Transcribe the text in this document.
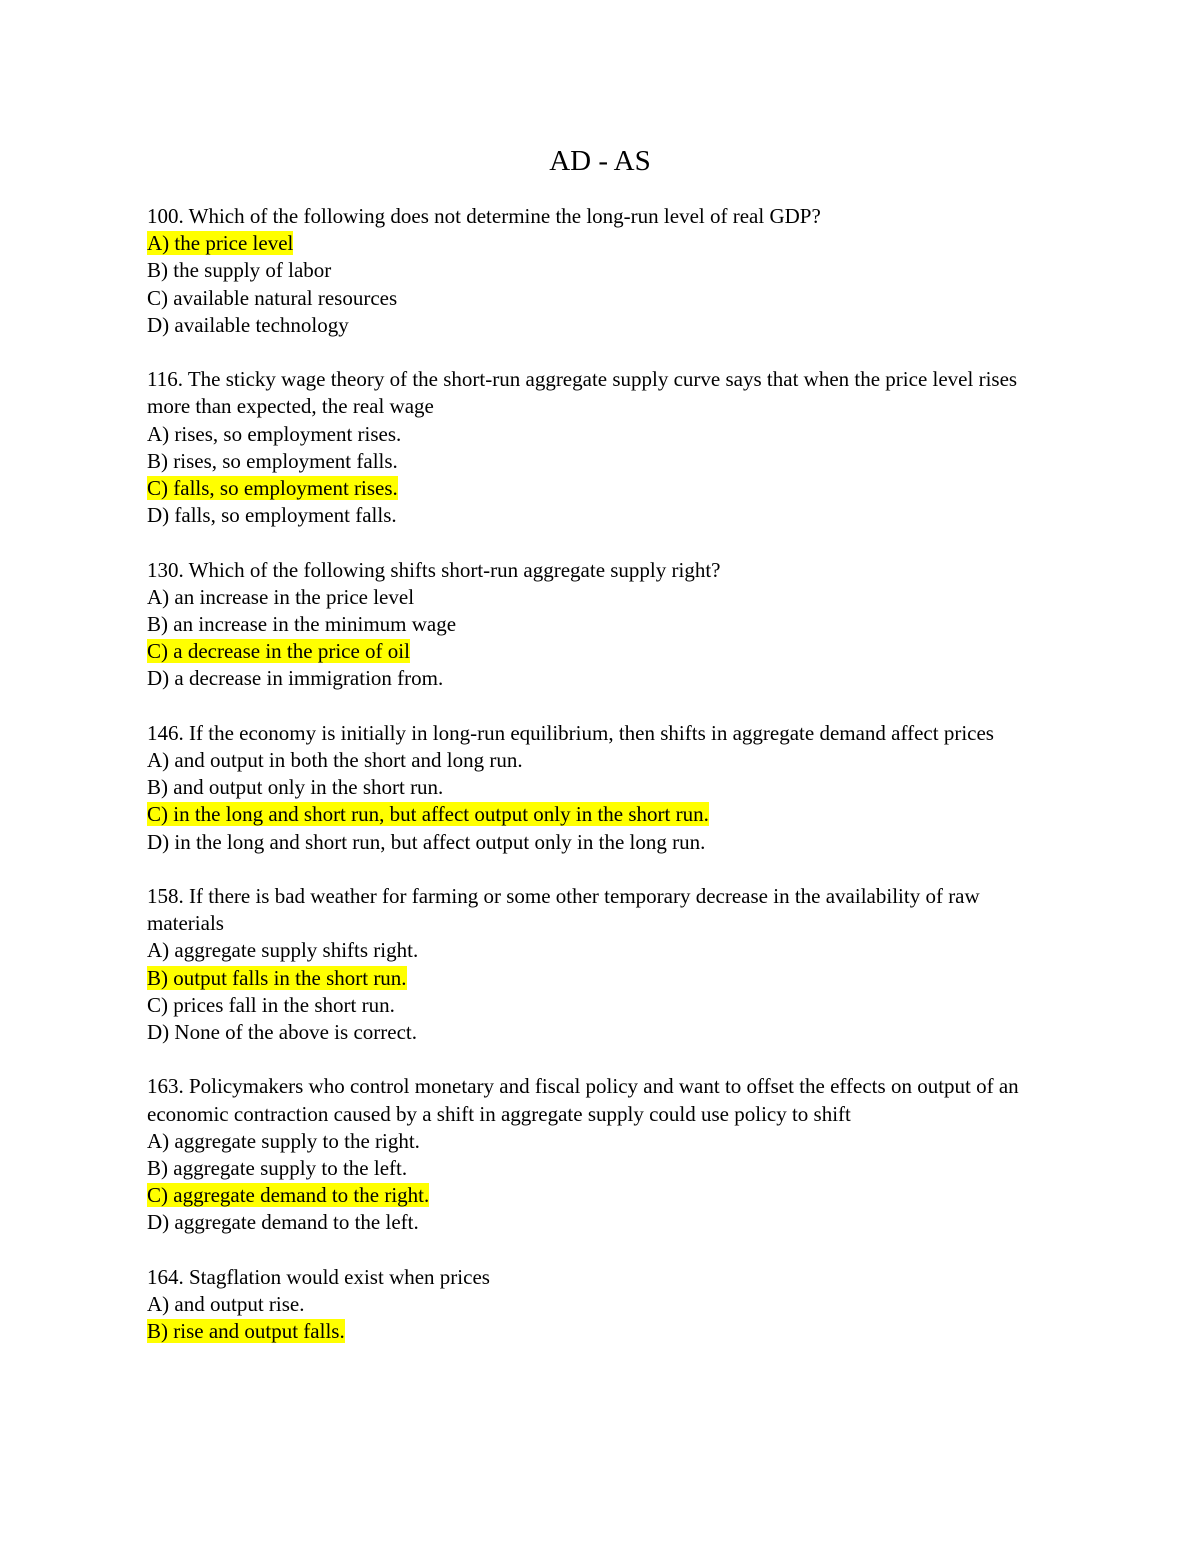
AD - AS
100. Which of the following does not determine the long-run level of real GDP?
A) the price level
B) the supply of labor
C) available natural resources
D) available technology
116. The sticky wage theory of the short-run aggregate supply curve says that when the price level rises more than expected, the real wage
A) rises, so employment rises.
B) rises, so employment falls.
C) falls, so employment rises.
D) falls, so employment falls.
130. Which of the following shifts short-run aggregate supply right?
A) an increase in the price level
B) an increase in the minimum wage
C) a decrease in the price of oil
D) a decrease in immigration from.
146. If the economy is initially in long-run equilibrium, then shifts in aggregate demand affect prices
A) and output in both the short and long run.
B) and output only in the short run.
C) in the long and short run, but affect output only in the short run.
D) in the long and short run, but affect output only in the long run.
158. If there is bad weather for farming or some other temporary decrease in the availability of raw materials
A) aggregate supply shifts right.
B) output falls in the short run.
C) prices fall in the short run.
D) None of the above is correct.
163. Policymakers who control monetary and fiscal policy and want to offset the effects on output of an economic contraction caused by a shift in aggregate supply could use policy to shift
A) aggregate supply to the right.
B) aggregate supply to the left.
C) aggregate demand to the right.
D) aggregate demand to the left.
164. Stagflation would exist when prices
A) and output rise.
B) rise and output falls.
